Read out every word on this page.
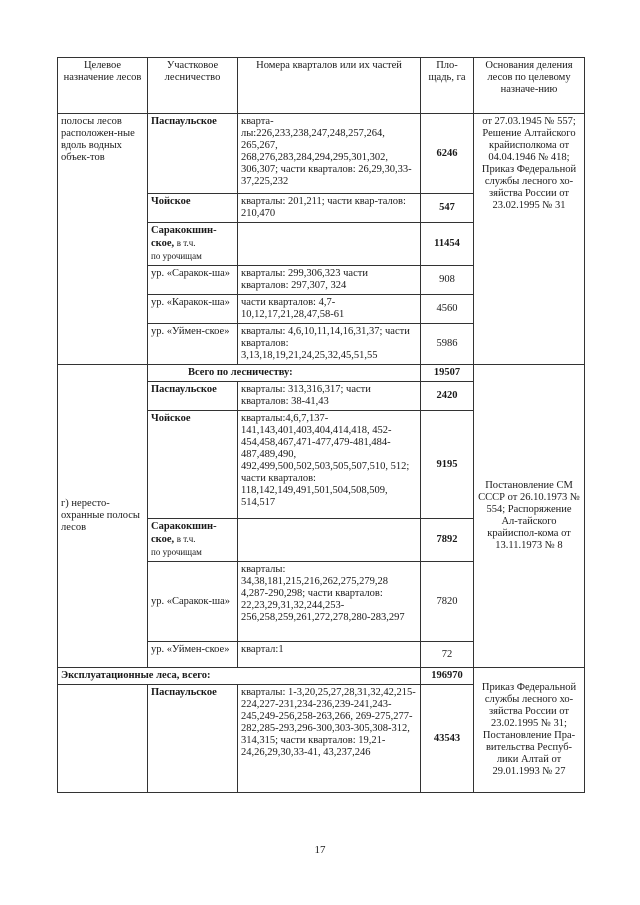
Целевое назначение лесов	Участковое лесничество	Номера кварталов или их частей	Пло-щадь, га	Основания деления лесов по целевому назначе-нию
полосы лесов расположен-ные вдоль водных объек-тов	Паспаульское	кварта-лы:226,233,238,247,248,257,264, 265,267, 268,276,283,284,294,295,301,302, 306,307; части кварталов: 26,29,30,33-37,225,232	6246	от 27.03.1945 № 557; Решение Алтайского крайисполкома от 04.04.1946 № 418; Приказ Федеральной службы лесного хо-зяйства России от 23.02.1995 № 31
	Чойское	кварталы: 201,211; части квар-талов: 210,470	547	
	Саракокшин-ское, в т.ч.
по урочищам		11454	
	ур. «Саракок-ша»	кварталы: 299,306,323 части кварталов: 297,307, 324	908	
	ур. «Каракок-ша»	части кварталов: 4,7-10,12,17,21,28,47,58-61	4560	
	ур. «Уймен-ское»	кварталы: 4,6,10,11,14,16,31,37; части кварталов: 3,13,18,19,21,24,25,32,45,51,55	5986	
г) нересто-охранные полосы лесов	Всего по лесничеству:		19507	Постановление СМ СССР от 26.10.1973 № 554; Распоряжение Ал-тайского крайиспол-кома от 13.11.1973 № 8
	Паспаульское	кварталы: 313,316,317; части кварталов: 38-41,43	2420	
	Чойское	кварталы:4,6,7,137-141,143,401,403,404,414,418, 452-454,458,467,471-477,479-481,484-487,489,490, 492,499,500,502,503,505,507,510, 512; части кварталов: 118,142,149,491,501,504,508,509, 514,517	9195	
	Саракокшин-ское, в т.ч.
по урочищам		7892	
	ур. «Саракок-ша»	кварталы: 34,38,181,215,216,262,275,279,28 4,287-290,298; части кварталов: 22,23,29,31,32,244,253-256,258,259,261,272,278,280-283,297	7820	
	ур. «Уймен-ское»	квартал:1	72	
Эксплуатационные леса, всего:			196970	Приказ Федеральной службы лесного хо-зяйства России от 23.02.1995 № 31; Постановление Пра-вительства Респуб-лики Алтай от 29.01.1993 № 27
	Паспаульское	кварталы: 1-3,20,25,27,28,31,32,42,215-224,227-231,234-236,239-241,243-245,249-256,258-263,266, 269-275,277-282,285-293,296-300,303-305,308-312, 314,315; части кварталов: 19,21-24,26,29,30,33-41, 43,237,246	43543	
17
